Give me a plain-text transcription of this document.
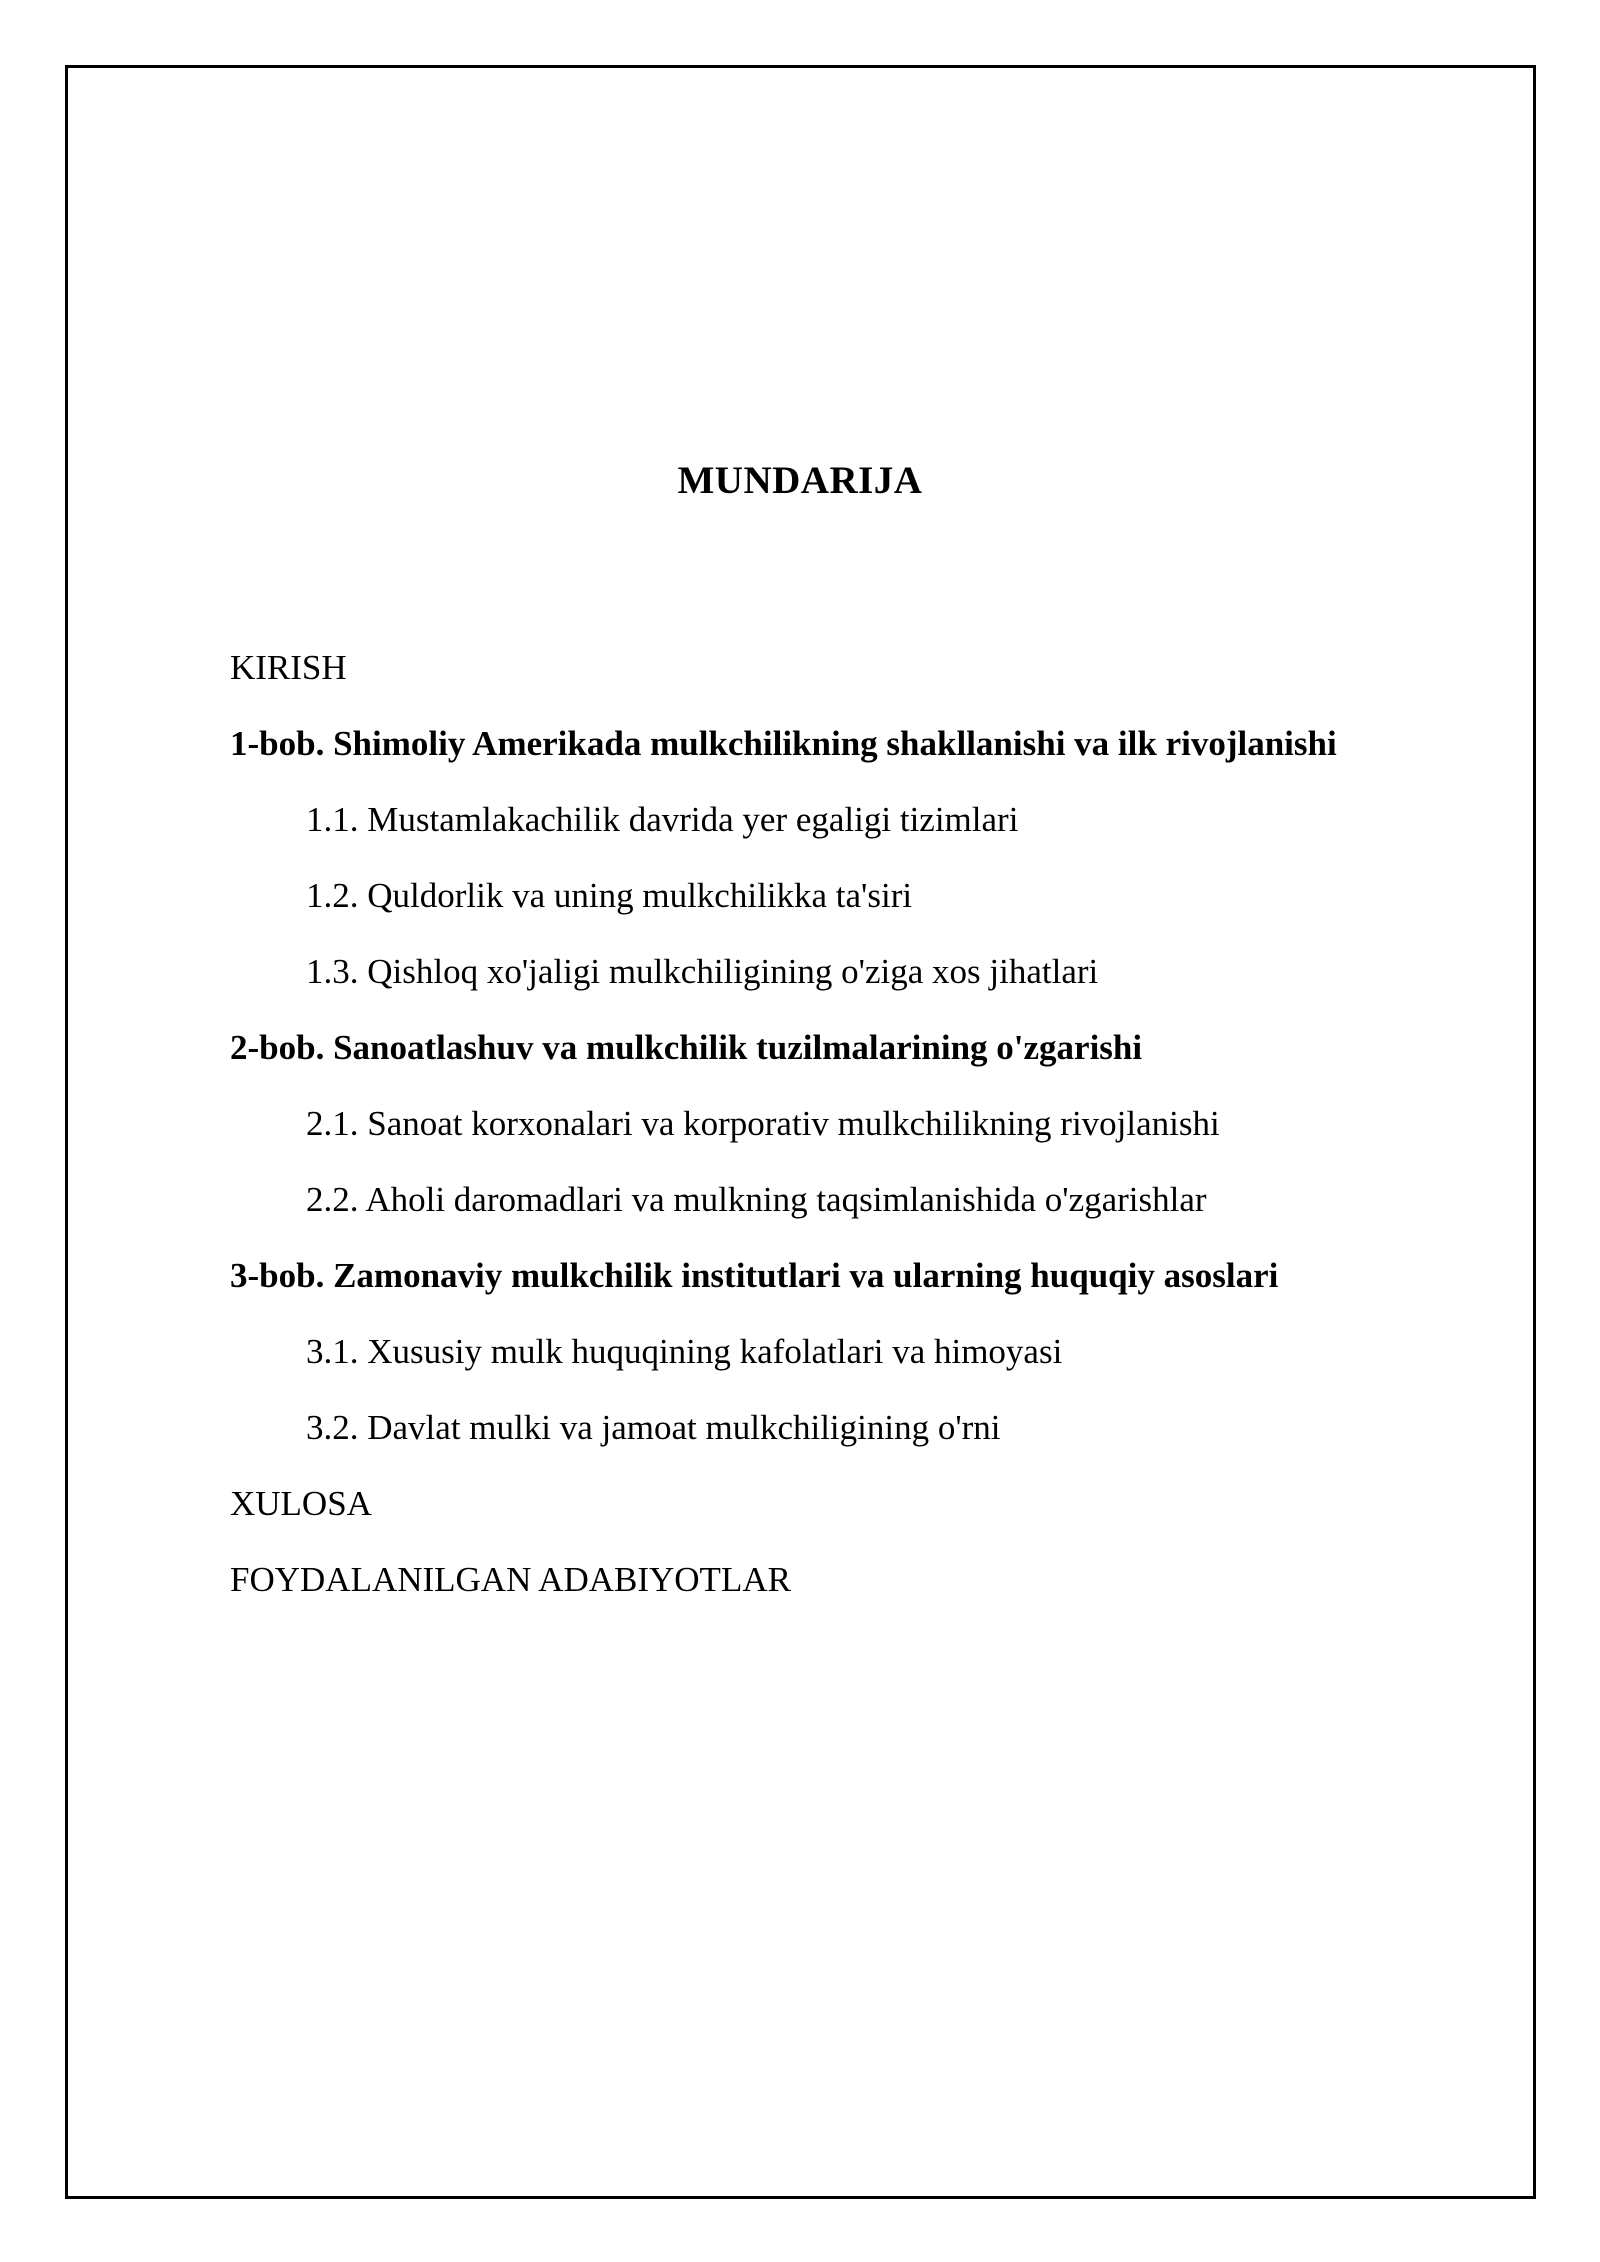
MUNDARIJA
KIRISH
1-bob. Shimoliy Amerikada mulkchilikning shakllanishi va ilk rivojlanishi
1.1. Mustamlakachilik davrida yer egaligi tizimlari
1.2. Quldorlik va uning mulkchilikka ta'siri
1.3. Qishloq xo'jaligi mulkchiligining o'ziga xos jihatlari
2-bob. Sanoatlashuv va mulkchilik tuzilmalarining o'zgarishi
2.1. Sanoat korxonalari va korporativ mulkchilikning rivojlanishi
2.2. Aholi daromadlari va mulkning taqsimlanishida o'zgarishlar
3-bob. Zamonaviy mulkchilik institutlari va ularning huquqiy asoslari
3.1. Xususiy mulk huquqining kafolatlari va himoyasi
3.2. Davlat mulki va jamoat mulkchiligining o'rni
XULOSA
FOYDALANILGAN ADABIYOTLAR
